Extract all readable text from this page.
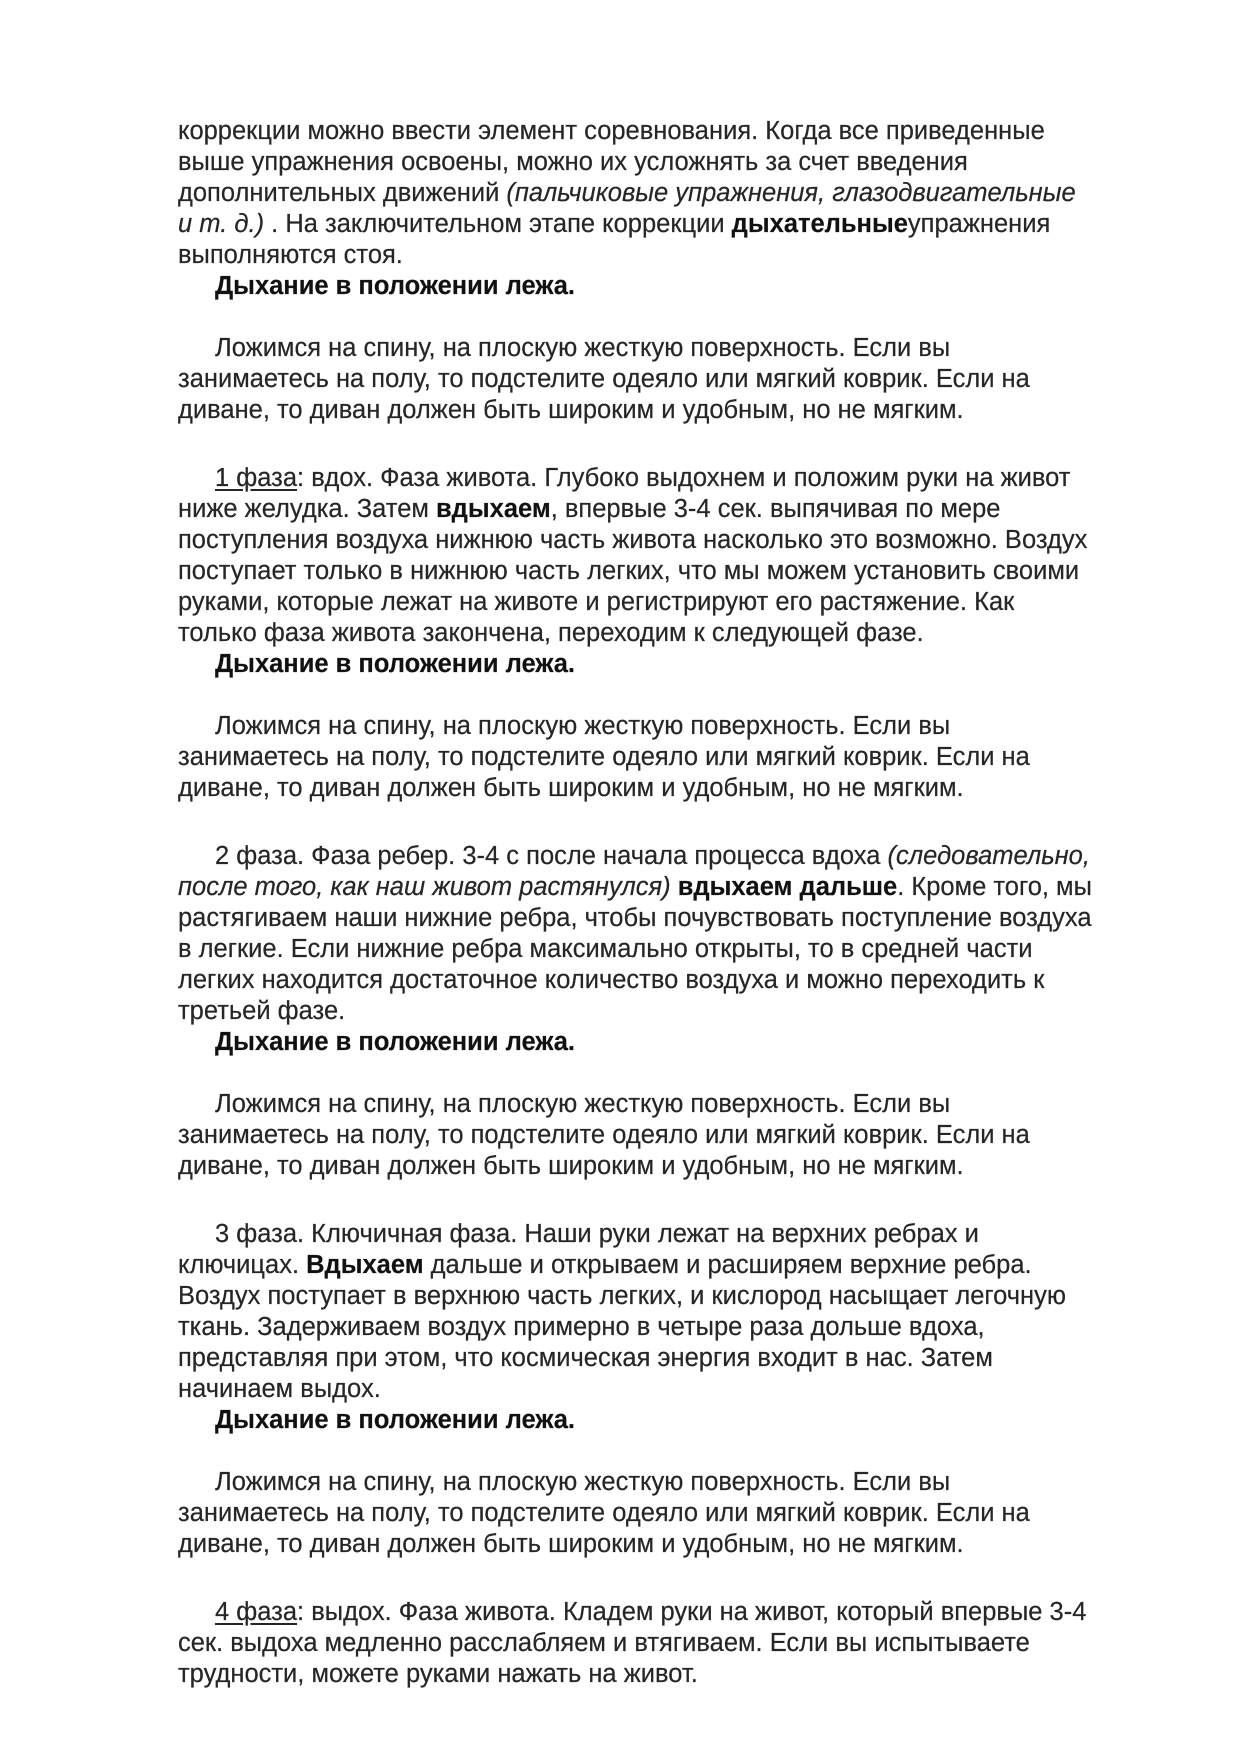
коррекции можно ввести элемент соревнования. Когда все приведенные
выше упражнения освоены, можно их усложнять за счет введения
дополнительных движений (пальчиковые упражнения, глазодвигательные
и т. д.) . На заключительном этапе коррекции дыхательныеупражнения
выполняются стоя.
Дыхание в положении лежа.
Ложимся на спину, на плоскую жесткую поверхность. Если вы
занимаетесь на полу, то подстелите одеяло или мягкий коврик. Если на
диване, то диван должен быть широким и удобным, но не мягким.
1 фаза: вдох. Фаза живота. Глубоко выдохнем и положим руки на живот
ниже желудка. Затем вдыхаем, впервые 3-4 сек. выпячивая по мере
поступления воздуха нижнюю часть живота насколько это возможно. Воздух
поступает только в нижнюю часть легких, что мы можем установить своими
руками, которые лежат на животе и регистрируют его растяжение. Как
только фаза живота закончена, переходим к следующей фазе.
Дыхание в положении лежа.
Ложимся на спину, на плоскую жесткую поверхность. Если вы
занимаетесь на полу, то подстелите одеяло или мягкий коврик. Если на
диване, то диван должен быть широким и удобным, но не мягким.
2 фаза. Фаза ребер. 3-4 с после начала процесса вдоха (следовательно,
после того, как наш живот растянулся) вдыхаем дальше. Кроме того, мы
растягиваем наши нижние ребра, чтобы почувствовать поступление воздуха
в легкие. Если нижние ребра максимально открыты, то в средней части
легких находится достаточное количество воздуха и можно переходить к
третьей фазе.
Дыхание в положении лежа.
Ложимся на спину, на плоскую жесткую поверхность. Если вы
занимаетесь на полу, то подстелите одеяло или мягкий коврик. Если на
диване, то диван должен быть широким и удобным, но не мягким.
3 фаза. Ключичная фаза. Наши руки лежат на верхних ребрах и
ключицах. Вдыхаем дальше и открываем и расширяем верхние ребра.
Воздух поступает в верхнюю часть легких, и кислород насыщает легочную
ткань. Задерживаем воздух примерно в четыре раза дольше вдоха,
представляя при этом, что космическая энергия входит в нас. Затем
начинаем выдох.
Дыхание в положении лежа.
Ложимся на спину, на плоскую жесткую поверхность. Если вы
занимаетесь на полу, то подстелите одеяло или мягкий коврик. Если на
диване, то диван должен быть широким и удобным, но не мягким.
4 фаза: выдох. Фаза живота. Кладем руки на живот, который впервые 3-4
сек. выдоха медленно расслабляем и втягиваем. Если вы испытываете
трудности, можете руками нажать на живот.
